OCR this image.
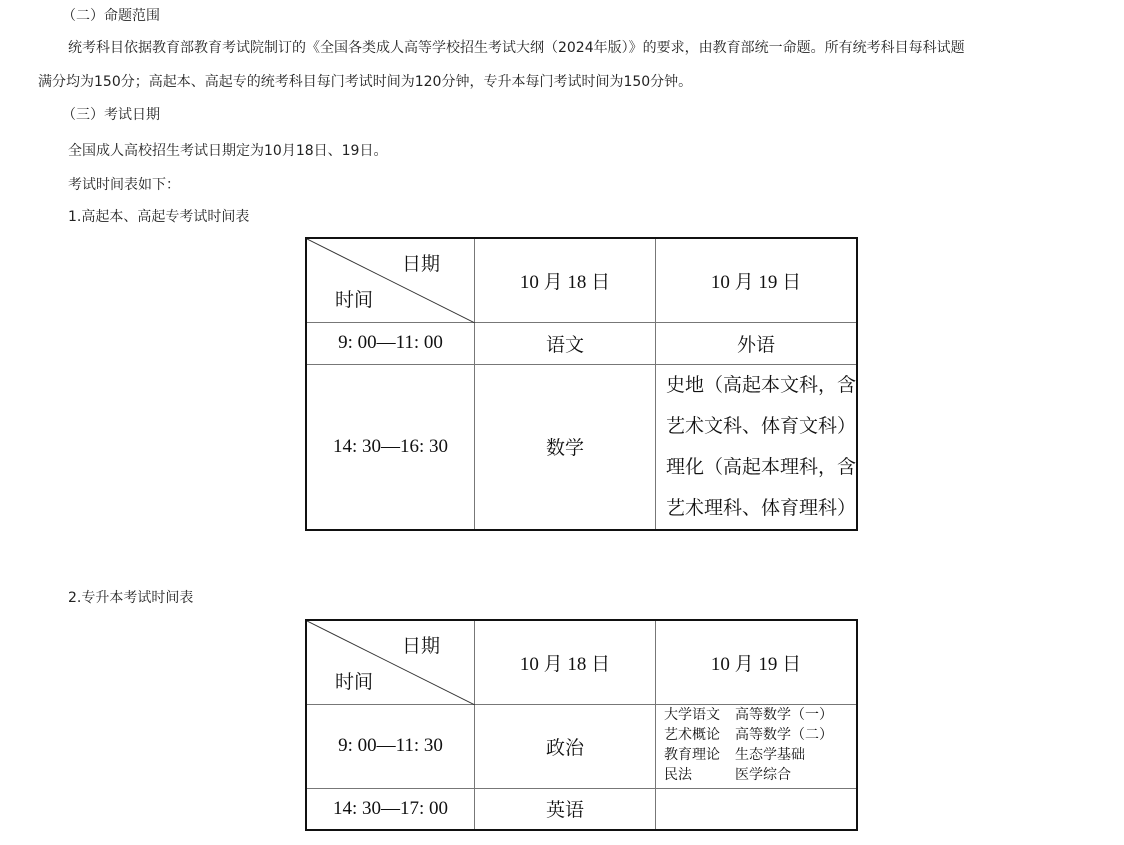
（二）命题范围
统考科目依据教育部教育考试院制订的《全国各类成人高等学校招生考试大纲（2024年版）》的要求，由教育部统一命题。所有统考科目每科试题
满分均为150分；高起本、高起专的统考科目每门考试时间为120分钟，专升本每门考试时间为150分钟。
（三）考试日期
全国成人高校招生考试日期定为10月18日、19日。
考试时间表如下：
1.高起本、高起专考试时间表
日期
时间	10 月 18 日	10 月 19 日
9: 00—11: 00	语文	外语
14: 30—16: 30	数学	史地（高起本文科，含
艺术文科、体育文科）
理化（高起本理科，含
艺术理科、体育理科）
2.专升本考试时间表
日期
时间	10 月 18 日	10 月 19 日
9: 00—11: 30	政治	大学语文 高等数学（一）
艺术概论 高等数学（二）
教育理论 生态学基础
民法 医学综合

14: 30—17: 00	英语	
